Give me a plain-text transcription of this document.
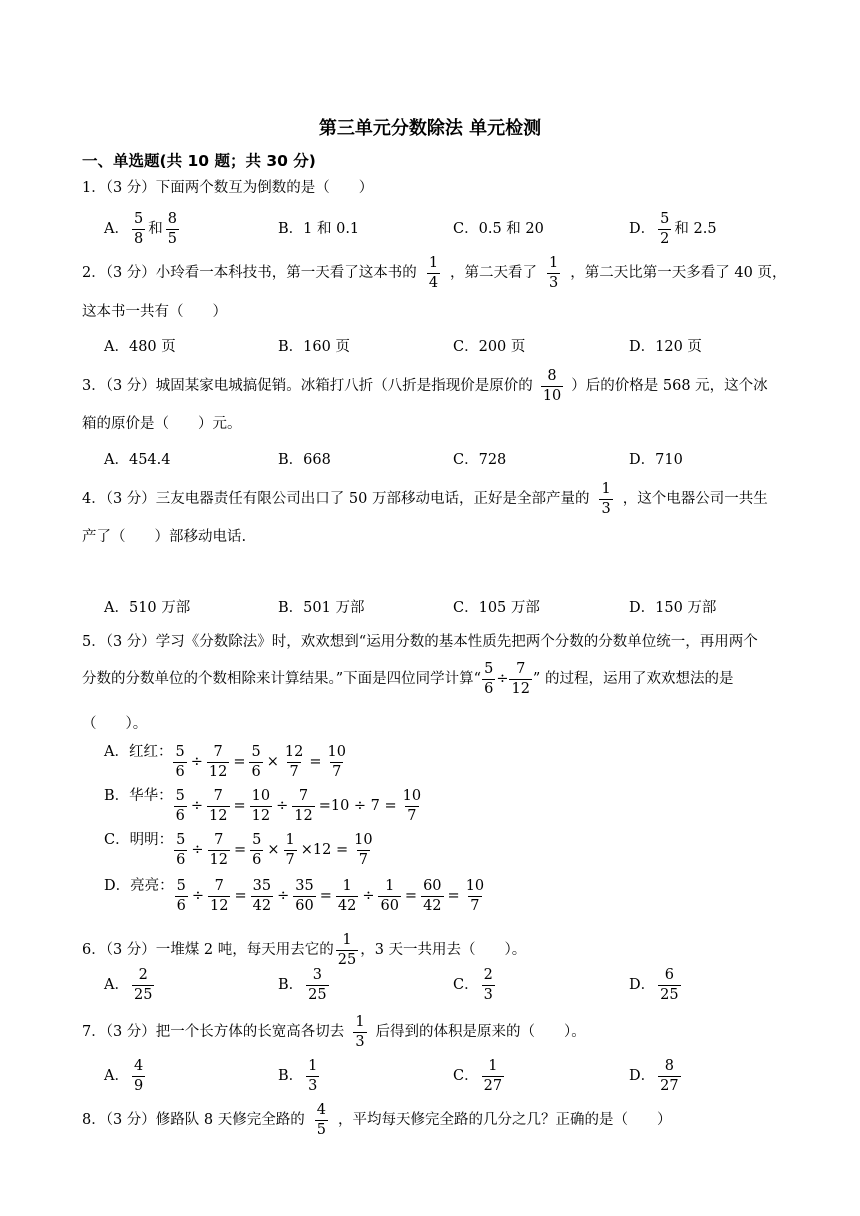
第三单元分数除法 单元检测
一、单选题(共 10 题；共 30 分)
1．（3 分）下面两个数互为倒数的是（　　）
A． $\frac{5}{8}$ 和 $\frac{8}{5}$	B．1 和 0.1	C．0.5 和 20	D． $\frac{5}{2}$ 和 2.5
2．（3 分）小玲看一本科技书，第一天看了这本书的 $\frac{1}{4}$ ，第二天看了 $\frac{1}{3}$ ，第二天比第一天多看了 40 页，
这本书一共有（　　）
A．480 页	B．160 页	C．200 页	D．120 页
3．（3 分）城固某家电城搞促销。冰箱打八折（八折是指现价是原价的 $\frac{8}{10}$ ）后的价格是 568 元，这个冰
箱的原价是（　　）元。
A．454.4	B．668	C．728	D．710
4．（3 分）三友电器责任有限公司出口了 50 万部移动电话，正好是全部产量的 $\frac{1}{3}$ ，这个电器公司一共生
产了（　　）部移动电话.
A．510 万部	B．501 万部	C．105 万部	D．150 万部
5．（3 分）学习《分数除法》时，欢欢想到“运用分数的基本性质先把两个分数的分数单位统一，再用两个
分数的分数单位的个数相除来计算结果。”下面是四位同学计算“ $\frac{5}{6} \div \frac{7}{12}$ ” 的过程，运用了欢欢想法的是
（　　）。
A．红红： $\frac{5}{6} \div \frac{7}{12} = \frac{5}{6} \times \frac{12}{7} = \frac{10}{7}$
B．华华： $\frac{5}{6} \div \frac{7}{12} = \frac{10}{12} \div \frac{7}{12} =10 \div 7 = \frac{10}{7}$
C．明明： $\frac{5}{6} \div \frac{7}{12} = \frac{5}{6} \times \frac{1}{7} \times 12 = \frac{10}{7}$
D．亮亮： $\frac{5}{6} \div \frac{7}{12} = \frac{35}{42} \div \frac{35}{60} = \frac{1}{42} \div \frac{1}{60} = \frac{60}{42} = \frac{10}{7}$
6．（3 分）一堆煤 2 吨，每天用去它的 $\frac{1}{25}$ ，3 天一共用去（　　）。
A． $\frac{2}{25}$	B． $\frac{3}{25}$	C． $\frac{2}{3}$	D． $\frac{6}{25}$
7．（3 分）把一个长方体的长宽高各切去 $\frac{1}{3}$ 后得到的体积是原来的（　　）。
A． $\frac{4}{9}$	B． $\frac{1}{3}$	C． $\frac{1}{27}$	D． $\frac{8}{27}$
8．（3 分）修路队 8 天修完全路的 $\frac{4}{5}$ ，平均每天修完全路的几分之几？正确的是（　　）
